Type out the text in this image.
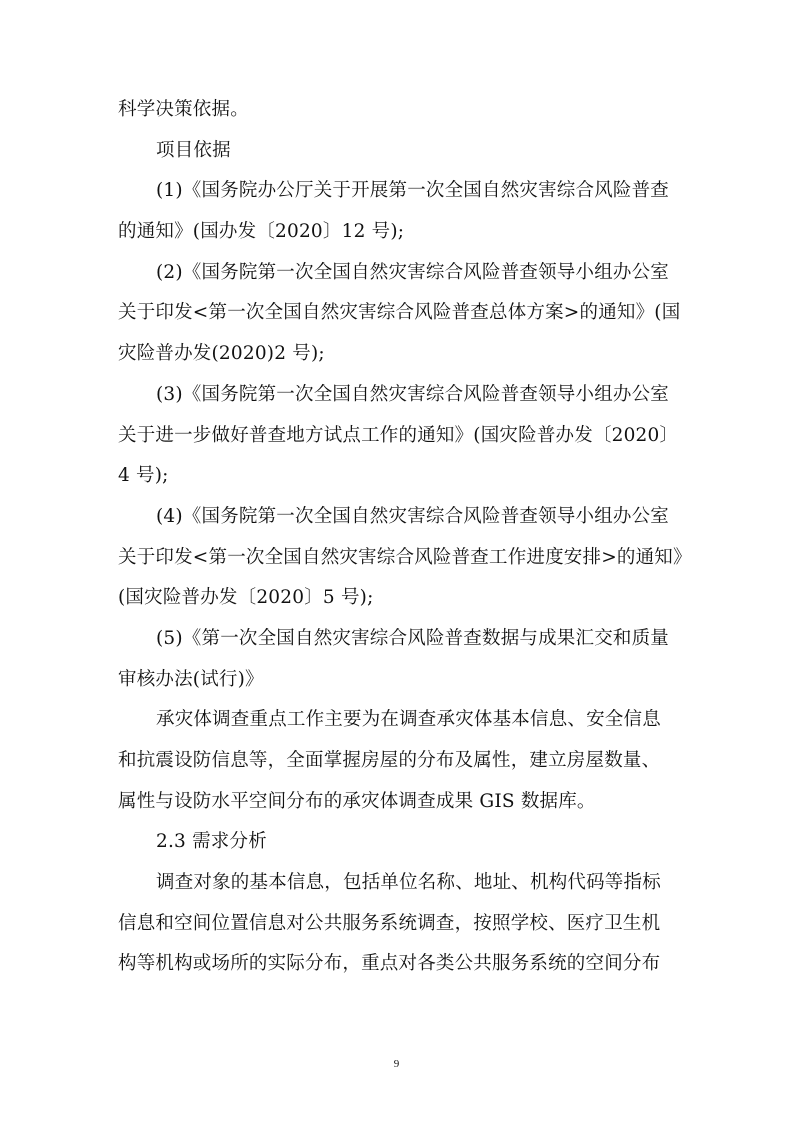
科学决策依据。
项目依据
(1)《国务院办公厅关于开展第一次全国自然灾害综合风险普查
的通知》(国办发〔2020〕12 号);
(2)《国务院第一次全国自然灾害综合风险普查领导小组办公室
关于印发<第一次全国自然灾害综合风险普查总体方案>的通知》(国
灾险普办发(2020)2 号);
(3)《国务院第一次全国自然灾害综合风险普查领导小组办公室
关于进一步做好普查地方试点工作的通知》(国灾险普办发〔2020〕
4 号);
(4)《国务院第一次全国自然灾害综合风险普查领导小组办公室
关于印发<第一次全国自然灾害综合风险普查工作进度安排>的通知》
(国灾险普办发〔2020〕5 号);
(5)《第一次全国自然灾害综合风险普查数据与成果汇交和质量
审核办法(试行)》
承灾体调查重点工作主要为在调查承灾体基本信息、安全信息
和抗震设防信息等，全面掌握房屋的分布及属性，建立房屋数量、
属性与设防水平空间分布的承灾体调查成果 GIS 数据库。
2.3 需求分析
调查对象的基本信息，包括单位名称、地址、机构代码等指标
信息和空间位置信息对公共服务系统调查，按照学校、医疗卫生机
构等机构或场所的实际分布，重点对各类公共服务系统的空间分布
9
